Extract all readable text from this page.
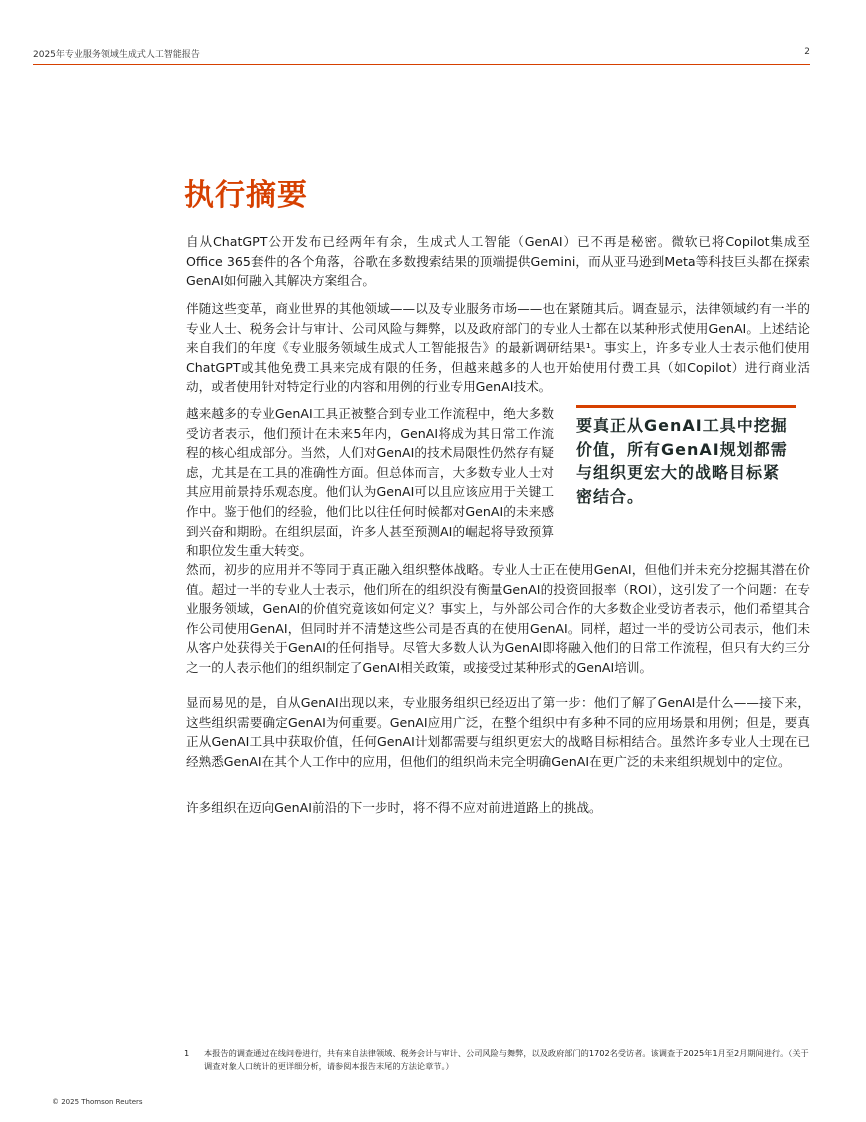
2025年专业服务领域生成式人工智能报告	2
执行摘要

自从ChatGPT公开发布已经两年有余，生成式人工智能（GenAI）已不再是秘密。微软已将Copilot集成至Office 365套件的各个角落，谷歌在多数搜索结果的顶端提供Gemini，而从亚马逊到Meta等科技巨头都在探索GenAI如何融入其解决方案组合。

伴随这些变革，商业世界的其他领域——以及专业服务市场——也在紧随其后。调查显示，法律领域约有一半的专业人士、税务会计与审计、公司风险与舞弊，以及政府部门的专业人士都在以某种形式使用GenAI。上述结论来自我们的年度《专业服务领域生成式人工智能报告》的最新调研结果¹。事实上，许多专业人士表示他们使用ChatGPT或其他免费工具来完成有限的任务，但越来越多的人也开始使用付费工具（如Copilot）进行商业活动，或者使用针对特定行业的内容和用例的行业专用GenAI技术。

越来越多的专业GenAI工具正被整合到专业工作流程中，绝大多数受访者表示，他们预计在未来5年内，GenAI将成为其日常工作流程的核心组成部分。当然，人们对GenAI的技术局限性仍然存有疑虑，尤其是在工具的准确性方面。但总体而言，大多数专业人士对其应用前景持乐观态度。他们认为GenAI可以且应该应用于关键工作中。鉴于他们的经验，他们比以往任何时候都对GenAI的未来感到兴奋和期盼。在组织层面，许多人甚至预测AI的崛起将导致预算和职位发生重大转变。

要真正从GenAI工具中挖掘价值，所有GenAI规划都需与组织更宏大的战略目标紧密结合。

然而，初步的应用并不等同于真正融入组织整体战略。专业人士正在使用GenAI，但他们并未充分挖掘其潜在价值。超过一半的专业人士表示，他们所在的组织没有衡量GenAI的投资回报率（ROI），这引发了一个问题：在专业服务领域，GenAI的价值究竟该如何定义？事实上，与外部公司合作的大多数企业受访者表示，他们希望其合作公司使用GenAI，但同时并不清楚这些公司是否真的在使用GenAI。同样，超过一半的受访公司表示，他们未从客户处获得关于GenAI的任何指导。尽管大多数人认为GenAI即将融入他们的日常工作流程，但只有大约三分之一的人表示他们的组织制定了GenAI相关政策，或接受过某种形式的GenAI培训。

显而易见的是，自从GenAI出现以来，专业服务组织已经迈出了第一步：他们了解了GenAI是什么——接下来，这些组织需要确定GenAI为何重要。GenAI应用广泛，在整个组织中有多种不同的应用场景和用例；但是，要真正从GenAI工具中获取价值，任何GenAI计划都需要与组织更宏大的战略目标相结合。虽然许多专业人士现在已经熟悉GenAI在其个人工作中的应用，但他们的组织尚未完全明确GenAI在更广泛的未来组织规划中的定位。

许多组织在迈向GenAI前沿的下一步时，将不得不应对前进道路上的挑战。

1 本报告的调查通过在线问卷进行，共有来自法律领域、税务会计与审计、公司风险与舞弊，以及政府部门的1702名受访者。该调查于2025年1月至2月期间进行。（关于调查对象人口统计的更详细分析，请参阅本报告末尾的方法论章节。）
© 2025 Thomson Reuters
